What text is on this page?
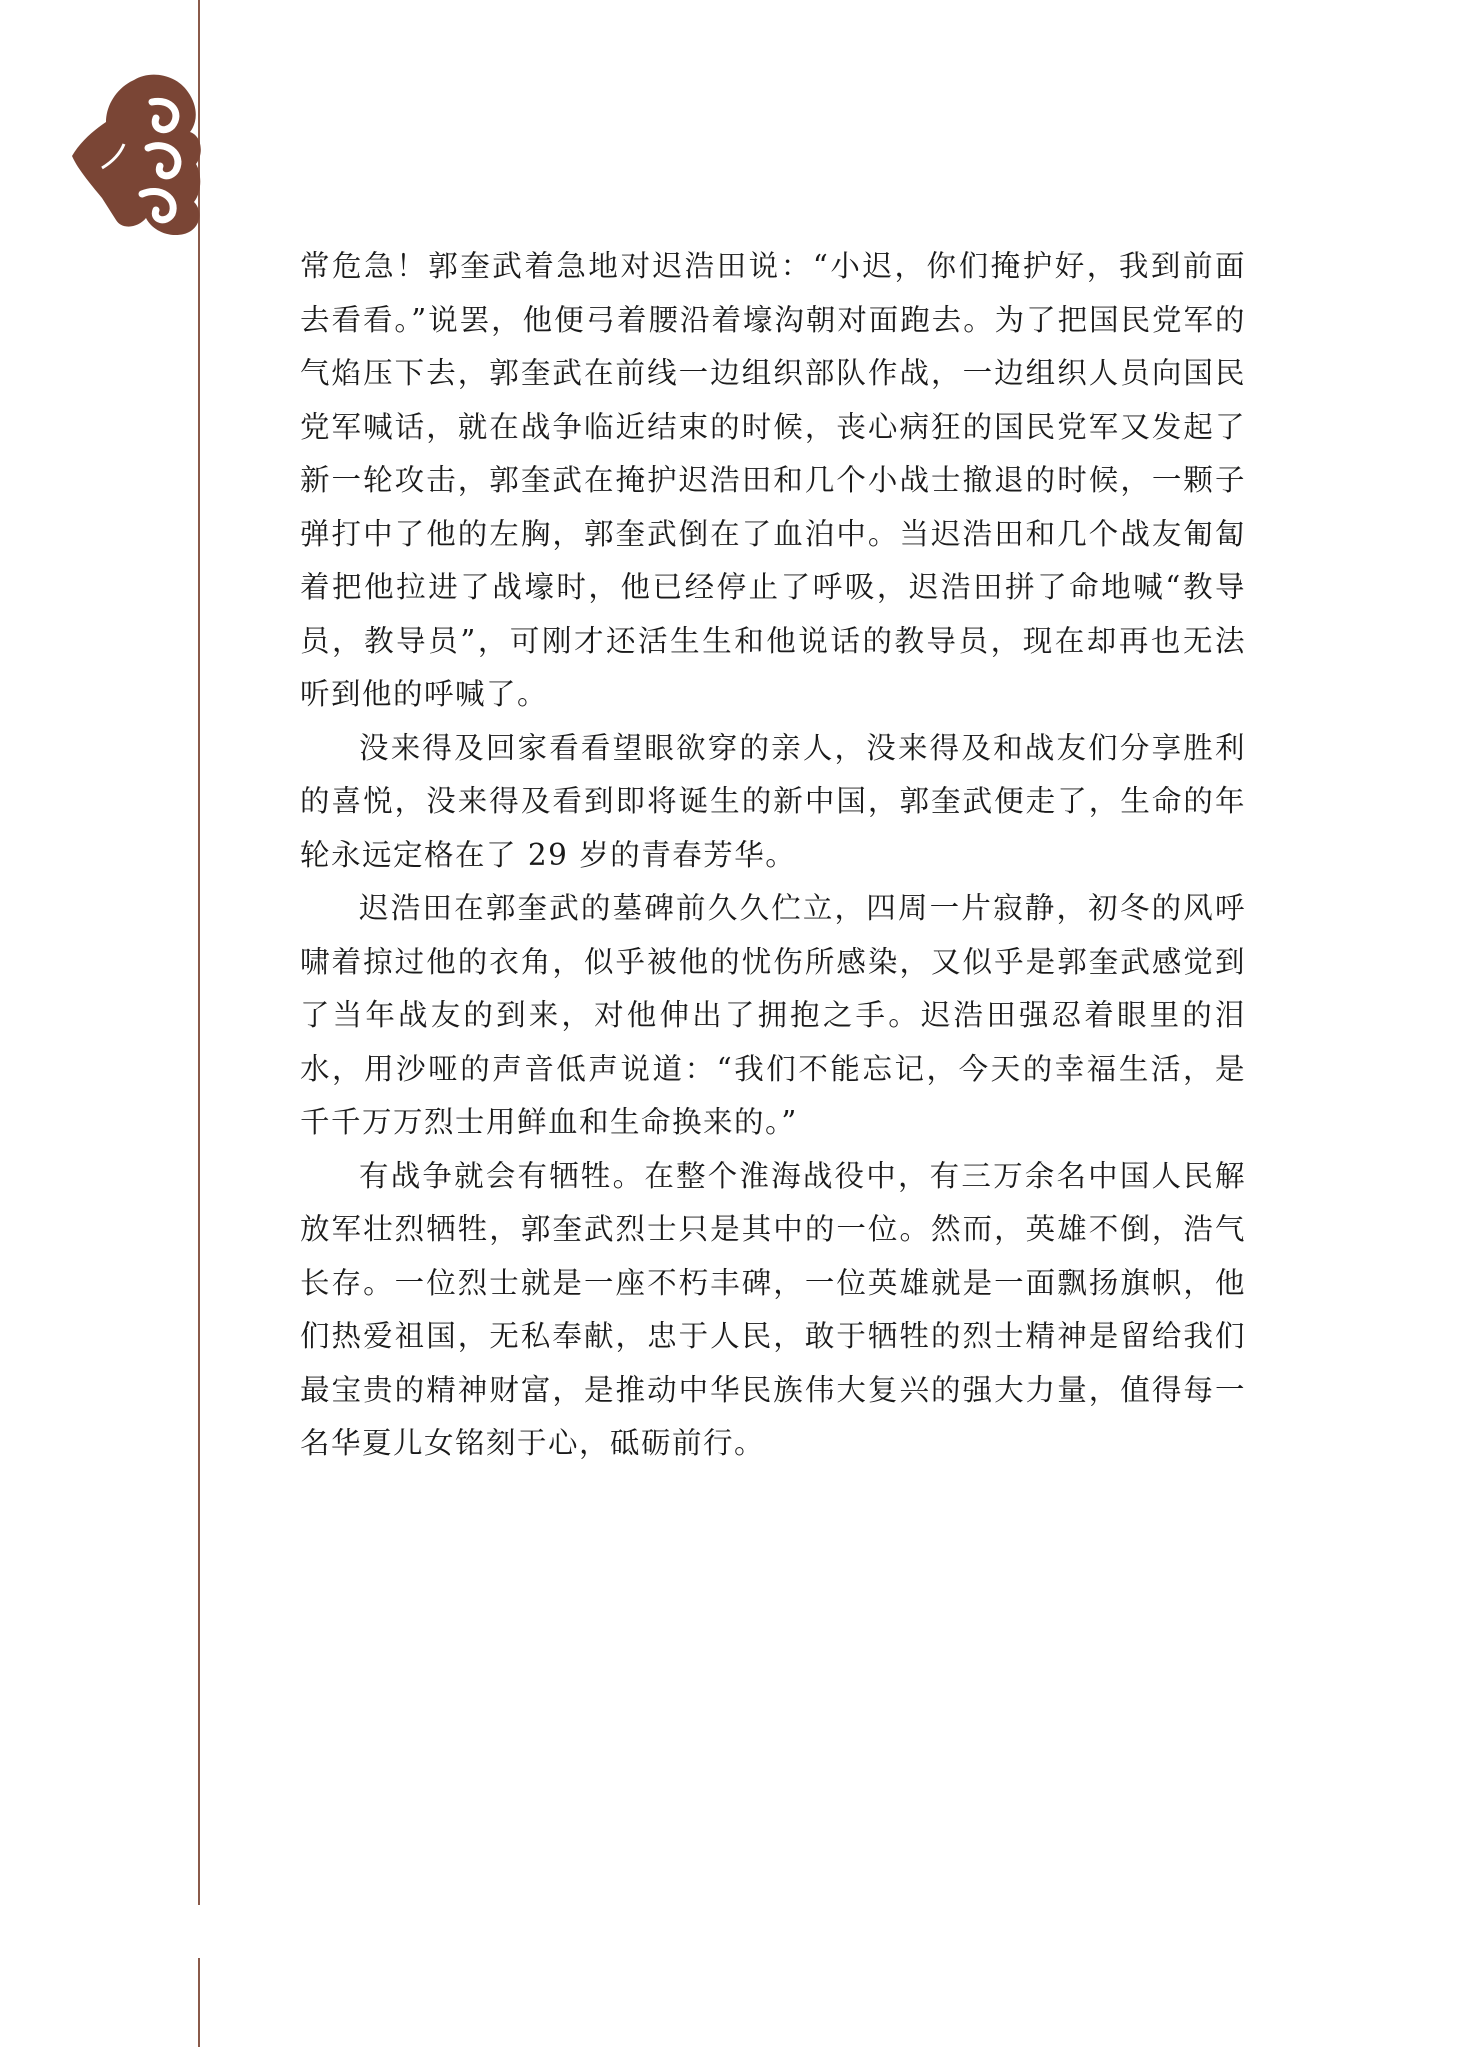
常危急！郭奎武着急地对迟浩田说：“小迟，你们掩护好，我到前面去看看。”说罢，他便弓着腰沿着壕沟朝对面跑去。为了把国民党军的气焰压下去，郭奎武在前线一边组织部队作战，一边组织人员向国民党军喊话，就在战争临近结束的时候，丧心病狂的国民党军又发起了新一轮攻击，郭奎武在掩护迟浩田和几个小战士撤退的时候，一颗子弹打中了他的左胸，郭奎武倒在了血泊中。当迟浩田和几个战友匍匐着把他拉进了战壕时，他已经停止了呼吸，迟浩田拼了命地喊“教导员，教导员”，可刚才还活生生和他说话的教导员，现在却再也无法听到他的呼喊了。

没来得及回家看看望眼欲穿的亲人，没来得及和战友们分享胜利的喜悦，没来得及看到即将诞生的新中国，郭奎武便走了，生命的年轮永远定格在了 29 岁的青春芳华。

迟浩田在郭奎武的墓碑前久久伫立，四周一片寂静，初冬的风呼啸着掠过他的衣角，似乎被他的忧伤所感染，又似乎是郭奎武感觉到了当年战友的到来，对他伸出了拥抱之手。迟浩田强忍着眼里的泪水，用沙哑的声音低声说道：“我们不能忘记，今天的幸福生活，是千千万万烈士用鲜血和生命换来的。”

有战争就会有牺牲。在整个淮海战役中，有三万余名中国人民解放军壮烈牺牲，郭奎武烈士只是其中的一位。然而，英雄不倒，浩气长存。一位烈士就是一座不朽丰碑，一位英雄就是一面飘扬旗帜，他们热爱祖国，无私奉献，忠于人民，敢于牺牲的烈士精神是留给我们最宝贵的精神财富，是推动中华民族伟大复兴的强大力量，值得每一名华夏儿女铭刻于心，砥砺前行。
